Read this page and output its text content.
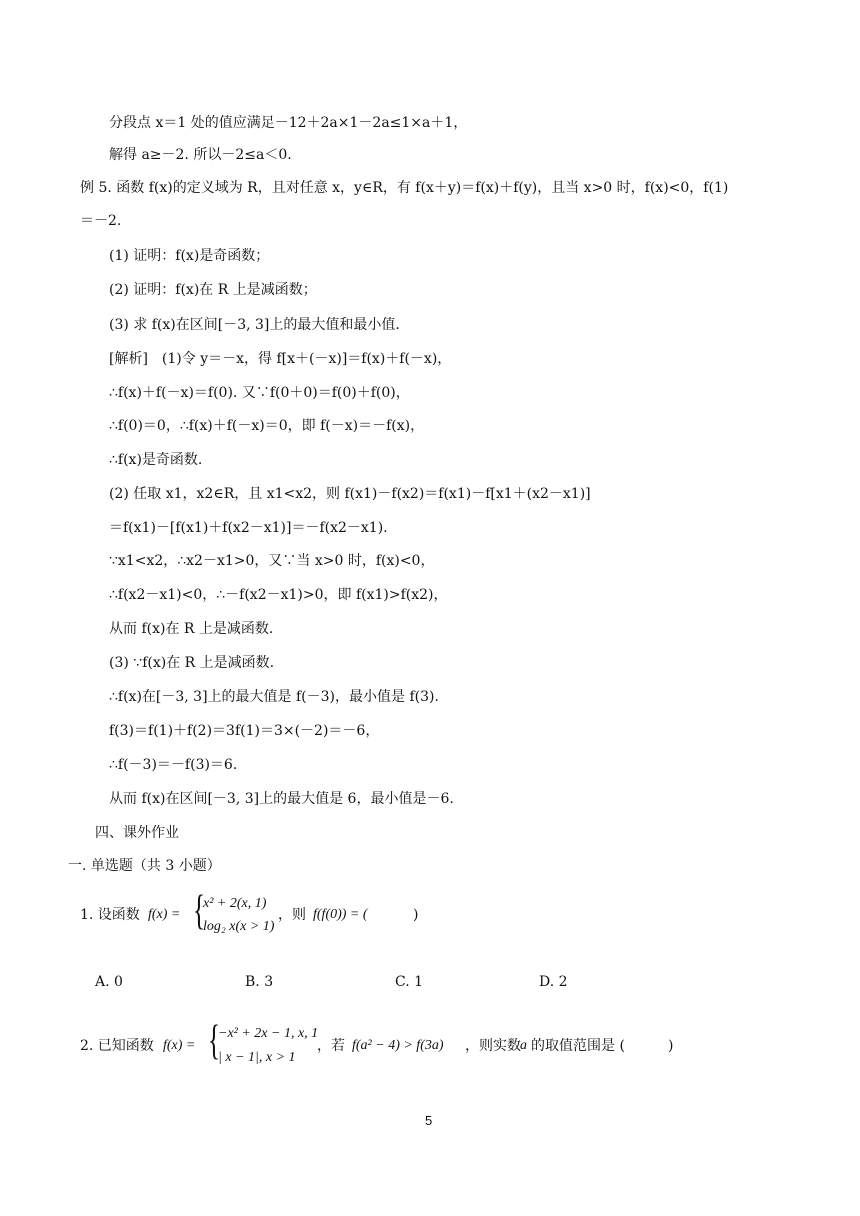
分段点 x＝1 处的值应满足－12＋2a×1－2a≤1×a＋1，
解得 a≥－2. 所以－2≤a＜0.
例 5. 函数 f(x)的定义域为 R，且对任意 x，y∈R，有 f(x＋y)＝f(x)＋f(y)，且当 x>0 时，f(x)<0，f(1)
＝－2.
(1) 证明：f(x)是奇函数；
(2) 证明：f(x)在 R 上是减函数；
(3) 求 f(x)在区间[－3, 3]上的最大值和最小值.
[解析]　(1)令 y＝－x，得 f[x＋(－x)]＝f(x)＋f(－x)，
∴f(x)＋f(－x)＝f(0). 又∵f(0＋0)＝f(0)＋f(0)，
∴f(0)＝0，∴f(x)＋f(－x)＝0，即 f(－x)＝－f(x)，
∴f(x)是奇函数.
(2) 任取 x1，x2∈R，且 x1<x2，则 f(x1)－f(x2)＝f(x1)－f[x1＋(x2－x1)]
＝f(x1)－[f(x1)＋f(x2－x1)]＝－f(x2－x1).
∵x1<x2，∴x2－x1>0，又∵当 x>0 时，f(x)<0，
∴f(x2－x1)<0，∴－f(x2－x1)>0，即 f(x1)>f(x2)，
从而 f(x)在 R 上是减函数.
(3) ∵f(x)在 R 上是减函数.
∴f(x)在[－3, 3]上的最大值是 f(－3)，最小值是 f(3).
f(3)＝f(1)＋f(2)＝3f(1)＝3×(－2)＝－6，
∴f(－3)＝－f(3)＝6.
从而 f(x)在区间[－3, 3]上的最大值是 6，最小值是－6.
四、课外作业
一. 单选题（共 3 小题）
1. 设函数 f(x) = {
x² + 2(x, 1)
log₂ x(x > 1)
，则 f(f(0)) = (	)
A. 0	B. 3	C. 1	D. 2
2. 已知函数 f(x) = {
−x² + 2x − 1, x, 1
| x − 1|, x > 1
，若 f(a² − 4) > f(3a) ，则实数 a 的取值范围是 (	)
5
